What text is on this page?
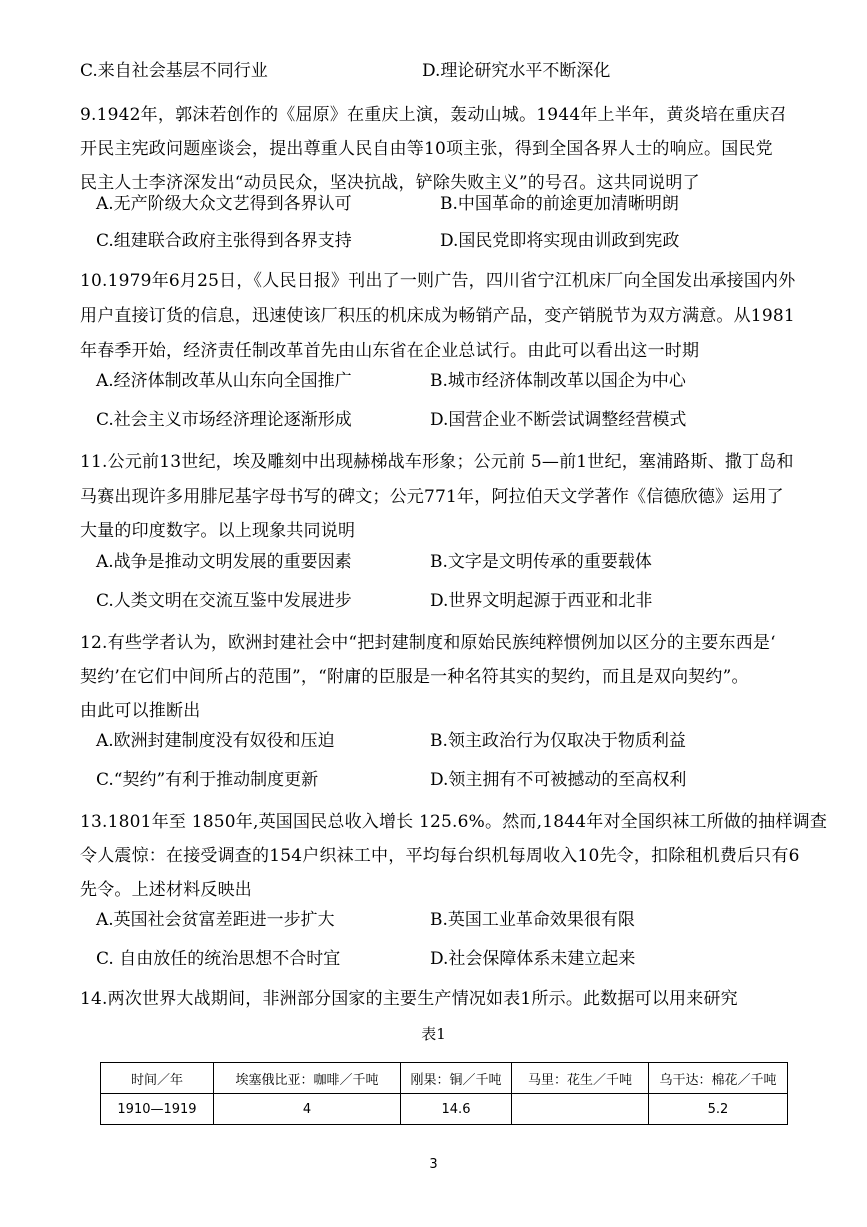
C.来自社会基层不同行业	D.理论研究水平不断深化
9.1942年，郭沫若创作的《屈原》在重庆上演，轰动山城。1944年上半年，黄炎培在重庆召
开民主宪政问题座谈会，提出尊重人民自由等10项主张，得到全国各界人士的响应。国民党
民主人士李济深发出“动员民众，坚决抗战，铲除失败主义”的号召。这共同说明了
A.无产阶级大众文艺得到各界认可	B.中国革命的前途更加清晰明朗
C.组建联合政府主张得到各界支持	D.国民党即将实现由训政到宪政
10.1979年6月25日，《人民日报》刊出了一则广告，四川省宁江机床厂向全国发出承接国内外
用户直接订货的信息，迅速使该厂积压的机床成为畅销产品，变产销脱节为双方满意。从1981
年春季开始，经济责任制改革首先由山东省在企业总试行。由此可以看出这一时期
A.经济体制改革从山东向全国推广	B.城市经济体制改革以国企为中心
C.社会主义市场经济理论逐渐形成	D.国营企业不断尝试调整经营模式
11.公元前13世纪，埃及雕刻中出现赫梯战车形象；公元前 5—前1世纪，塞浦路斯、撒丁岛和
马赛出现许多用腓尼基字母书写的碑文；公元771年，阿拉伯天文学著作《信德欣德》运用了
大量的印度数字。以上现象共同说明
A.战争是推动文明发展的重要因素	B.文字是文明传承的重要载体
C.人类文明在交流互鉴中发展进步	D.世界文明起源于西亚和北非
12.有些学者认为，欧洲封建社会中“把封建制度和原始民族纯粹惯例加以区分的主要东西是‘
契约’在它们中间所占的范围”，“附庸的臣服是一种名符其实的契约，而且是双向契约”。
由此可以推断出
A.欧洲封建制度没有奴役和压迫	B.领主政治行为仅取决于物质利益
C.“契约”有利于推动制度更新	D.领主拥有不可被撼动的至高权利
13.1801年至 1850年,英国国民总收入增长 125.6%。然而,1844年对全国织袜工所做的抽样调查
令人震惊：在接受调查的154户织袜工中，平均每台织机每周收入10先令，扣除租机费后只有6
先令。上述材料反映出
A.英国社会贫富差距进一步扩大	B.英国工业革命效果很有限
C. 自由放任的统治思想不合时宜	D.社会保障体系未建立起来
14.两次世界大战期间，非洲部分国家的主要生产情况如表1所示。此数据可以用来研究
表1
时间／年	埃塞俄比亚：咖啡／千吨	刚果：铜／千吨	马里：花生／千吨	乌干达：棉花／千吨
1910—1919	4	14.6		5.2
3
